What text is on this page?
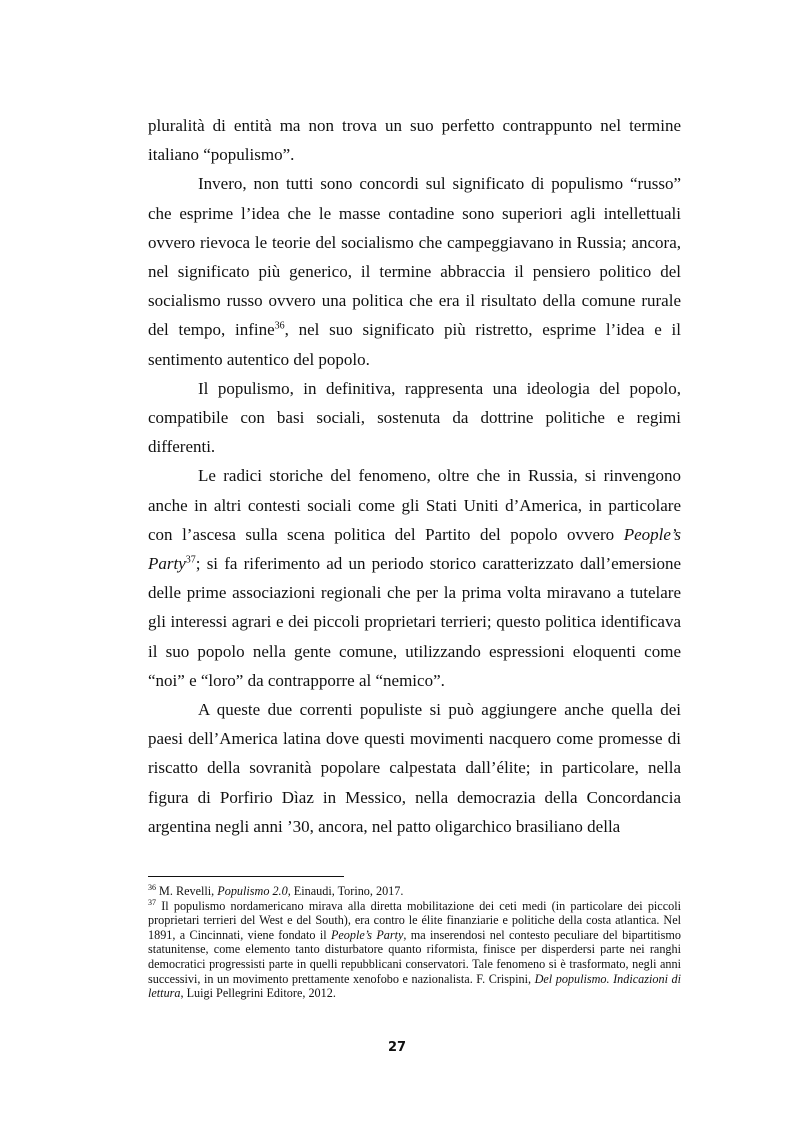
pluralità di entità ma non trova un suo perfetto contrappunto nel termine italiano “populismo”.

Invero, non tutti sono concordi sul significato di populismo “russo” che esprime l’idea che le masse contadine sono superiori agli intellettuali ovvero rievoca le teorie del socialismo che campeggiavano in Russia; ancora, nel significato più generico, il termine abbraccia il pensiero politico del socialismo russo ovvero una politica che era il risultato della comune rurale del tempo, infine$^{36}$, nel suo significato più ristretto, esprime l’idea e il sentimento autentico del popolo.

Il populismo, in definitiva, rappresenta una ideologia del popolo, compatibile con basi sociali, sostenuta da dottrine politiche e regimi differenti.

Le radici storiche del fenomeno, oltre che in Russia, si rinvengono anche in altri contesti sociali come gli Stati Uniti d’America, in particolare con l’ascesa sulla scena politica del Partito del popolo ovvero People’s Party$^{37}$; si fa riferimento ad un periodo storico caratterizzato dall’emersione delle prime associazioni regionali che per la prima volta miravano a tutelare gli interessi agrari e dei piccoli proprietari terrieri; questo politica identificava il suo popolo nella gente comune, utilizzando espressioni eloquenti come “noi” e “loro” da contrapporre al “nemico”.

A queste due correnti populiste si può aggiungere anche quella dei paesi dell’America latina dove questi movimenti nacquero come promesse di riscatto della sovranità popolare calpestata dall’élite; in particolare, nella figura di Porfirio Dìaz in Messico, nella democrazia della Concordancia argentina negli anni ’30, ancora, nel patto oligarchico brasiliano della

$^{36}$ M. Revelli, Populismo 2.0, Einaudi, Torino, 2017.

$^{37}$ Il populismo nordamericano mirava alla diretta mobilitazione dei ceti medi (in particolare dei piccoli proprietari terrieri del West e del South), era contro le élite finanziarie e politiche della costa atlantica. Nel 1891, a Cincinnati, viene fondato il People’s Party, ma inserendosi nel contesto peculiare del bipartitismo statunitense, come elemento tanto disturbatore quanto riformista, finisce per disperdersi parte nei ranghi democratici progressisti parte in quelli repubblicani conservatori. Tale fenomeno si è trasformato, negli anni successivi, in un movimento prettamente xenofobo e nazionalista. F. Crispini, Del populismo. Indicazioni di lettura, Luigi Pellegrini Editore, 2012.

27
